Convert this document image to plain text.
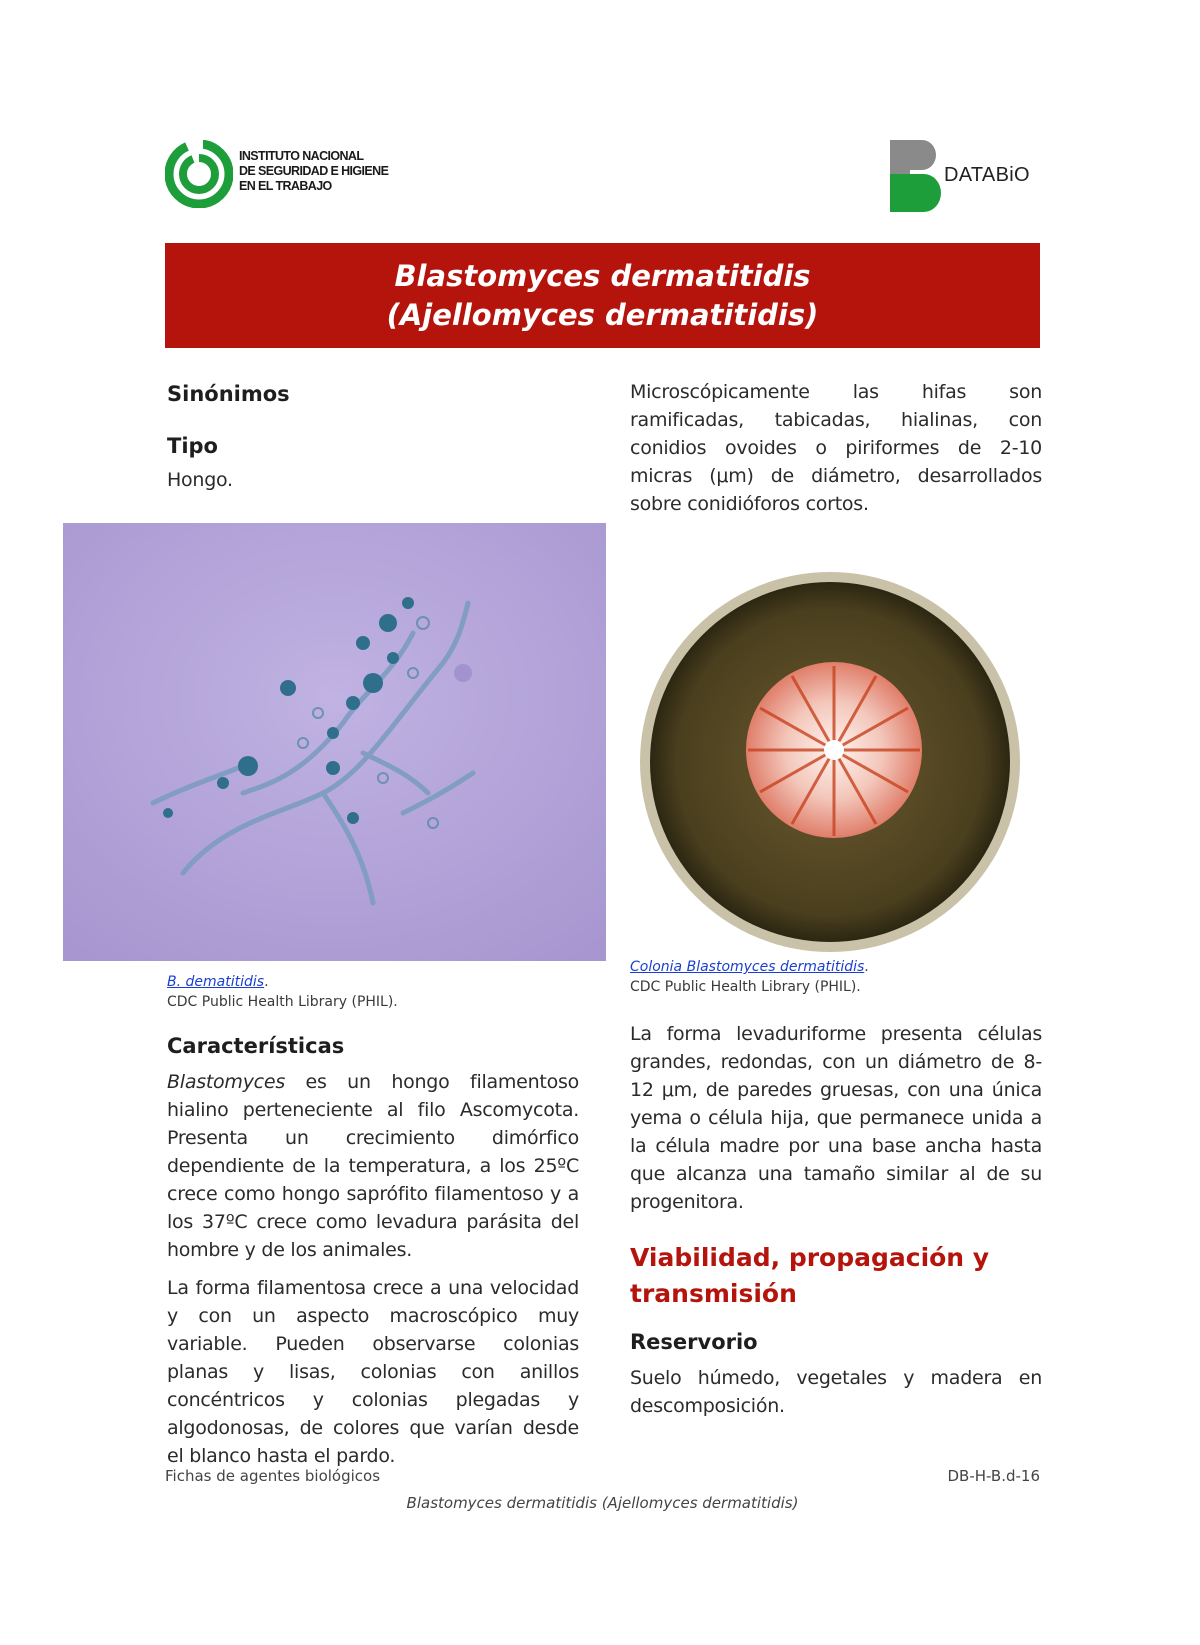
INSTITUTO NACIONAL
DE SEGURIDAD E HIGIENE
EN EL TRABAJO	DATABiO
Blastomyces dermatitidis
(Ajellomyces dermatitidis)
Sinónimos
Tipo

Hongo.

B. dematitidis.

CDC Public Health Library (PHIL).

Características

Blastomyces es un hongo filamentoso hialino perteneciente al filo Ascomycota. Presenta un crecimiento dimórfico dependiente de la temperatura, a los 25ºC crece como hongo saprófito filamentoso y a los 37ºC crece como levadura parásita del hombre y de los animales.

La forma filamentosa crece a una velocidad y con un aspecto macroscópico muy variable. Pueden observarse colonias planas y lisas, colonias con anillos concéntricos y colonias plegadas y algodonosas, de colores que varían desde el blanco hasta el pardo.

Microscópicamente las hifas son ramificadas, tabicadas, hialinas, con conidios ovoides o piriformes de 2-10 micras (μm) de diámetro, desarrollados sobre conidióforos cortos.

Colonia Blastomyces dermatitidis.

CDC Public Health Library (PHIL).

La forma levaduriforme presenta células grandes, redondas, con un diámetro de 8-12 μm, de paredes gruesas, con una única yema o célula hija, que permanece unida a la célula madre por una base ancha hasta que alcanza una tamaño similar al de su progenitora.

Viabilidad, propagación y transmisión
Reservorio

Suelo húmedo, vegetales y madera en descomposición.

Fichas de agentes biológicos	DB-H-B.d-16
Blastomyces dermatitidis (Ajellomyces dermatitidis)
